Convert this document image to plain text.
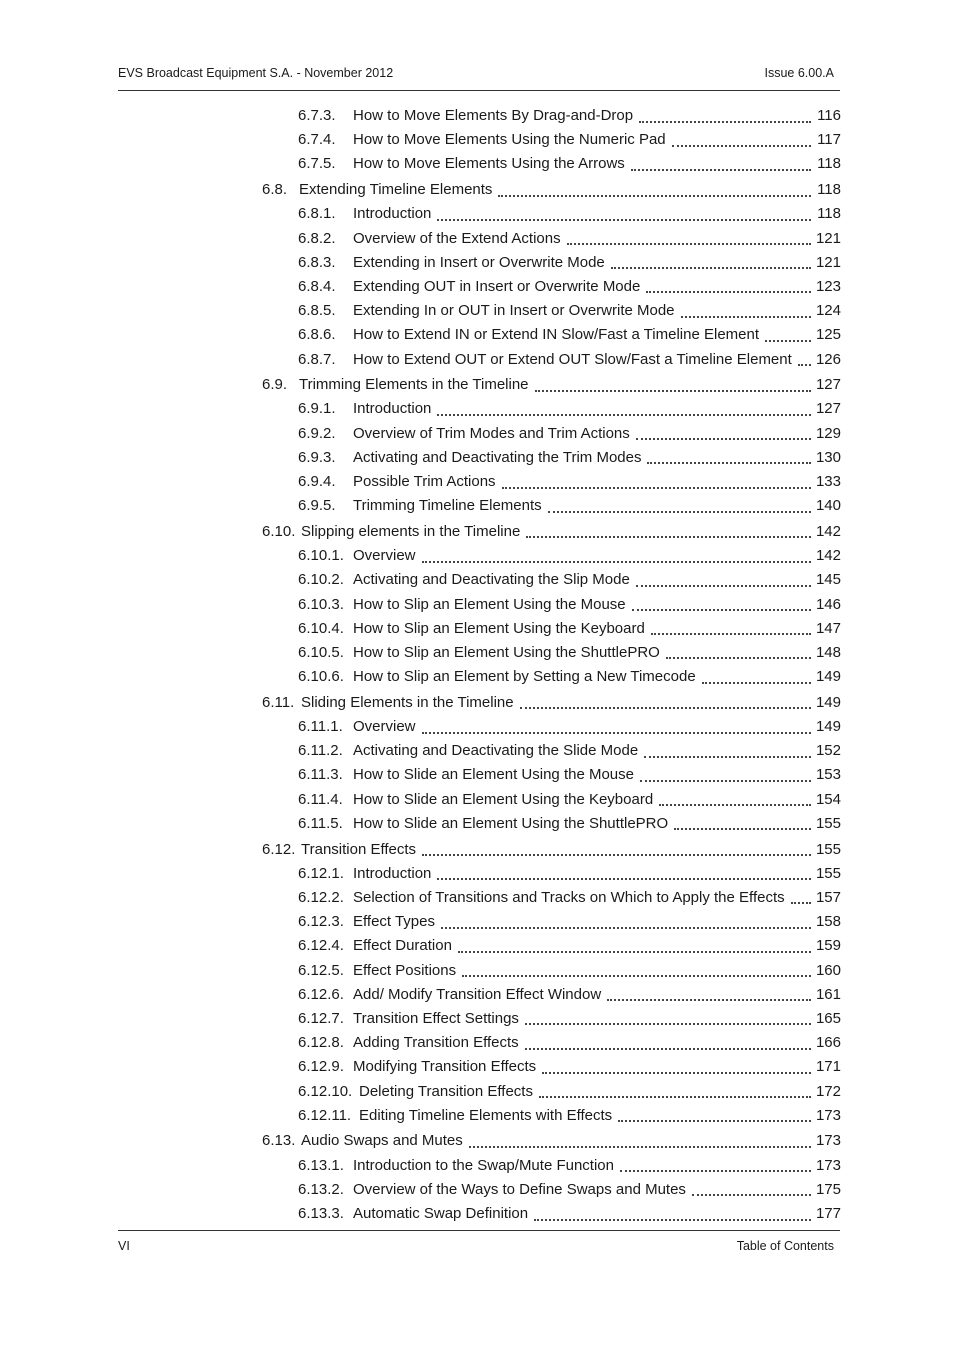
EVS Broadcast Equipment S.A. - November 2012	Issue 6.00.A
6.7.3. How to Move Elements By Drag-and-Drop	116
6.7.4. How to Move Elements Using the Numeric Pad	117
6.7.5. How to Move Elements Using the Arrows	118
6.8. Extending Timeline Elements	118
6.8.1. Introduction	118
6.8.2. Overview of the Extend Actions	121
6.8.3. Extending in Insert or Overwrite Mode	121
6.8.4. Extending OUT in Insert or Overwrite Mode	123
6.8.5. Extending In or OUT in Insert or Overwrite Mode	124
6.8.6. How to Extend IN or Extend IN Slow/Fast a Timeline Element	125
6.8.7. How to Extend OUT or Extend OUT Slow/Fast a Timeline Element	126
6.9. Trimming Elements in the Timeline	127
6.9.1. Introduction	127
6.9.2. Overview of Trim Modes and Trim Actions	129
6.9.3. Activating and Deactivating the Trim Modes	130
6.9.4. Possible Trim Actions	133
6.9.5. Trimming Timeline Elements	140
6.10. Slipping elements in the Timeline	142
6.10.1. Overview	142
6.10.2. Activating and Deactivating the Slip Mode	145
6.10.3. How to Slip an Element Using the Mouse	146
6.10.4. How to Slip an Element Using the Keyboard	147
6.10.5. How to Slip an Element Using the ShuttlePRO	148
6.10.6. How to Slip an Element by Setting a New Timecode	149
6.11. Sliding Elements in the Timeline	149
6.11.1. Overview	149
6.11.2. Activating and Deactivating the Slide Mode	152
6.11.3. How to Slide an Element Using the Mouse	153
6.11.4. How to Slide an Element Using the Keyboard	154
6.11.5. How to Slide an Element Using the ShuttlePRO	155
6.12. Transition Effects	155
6.12.1. Introduction	155
6.12.2. Selection of Transitions and Tracks on Which to Apply the Effects	157
6.12.3. Effect Types	158
6.12.4. Effect Duration	159
6.12.5. Effect Positions	160
6.12.6. Add/ Modify Transition Effect Window	161
6.12.7. Transition Effect Settings	165
6.12.8. Adding Transition Effects	166
6.12.9. Modifying Transition Effects	171
6.12.10. Deleting Transition Effects	172
6.12.11. Editing Timeline Elements with Effects	173
6.13. Audio Swaps and Mutes	173
6.13.1. Introduction to the Swap/Mute Function	173
6.13.2. Overview of the Ways to Define Swaps and Mutes	175
6.13.3. Automatic Swap Definition	177
VI	Table of Contents
